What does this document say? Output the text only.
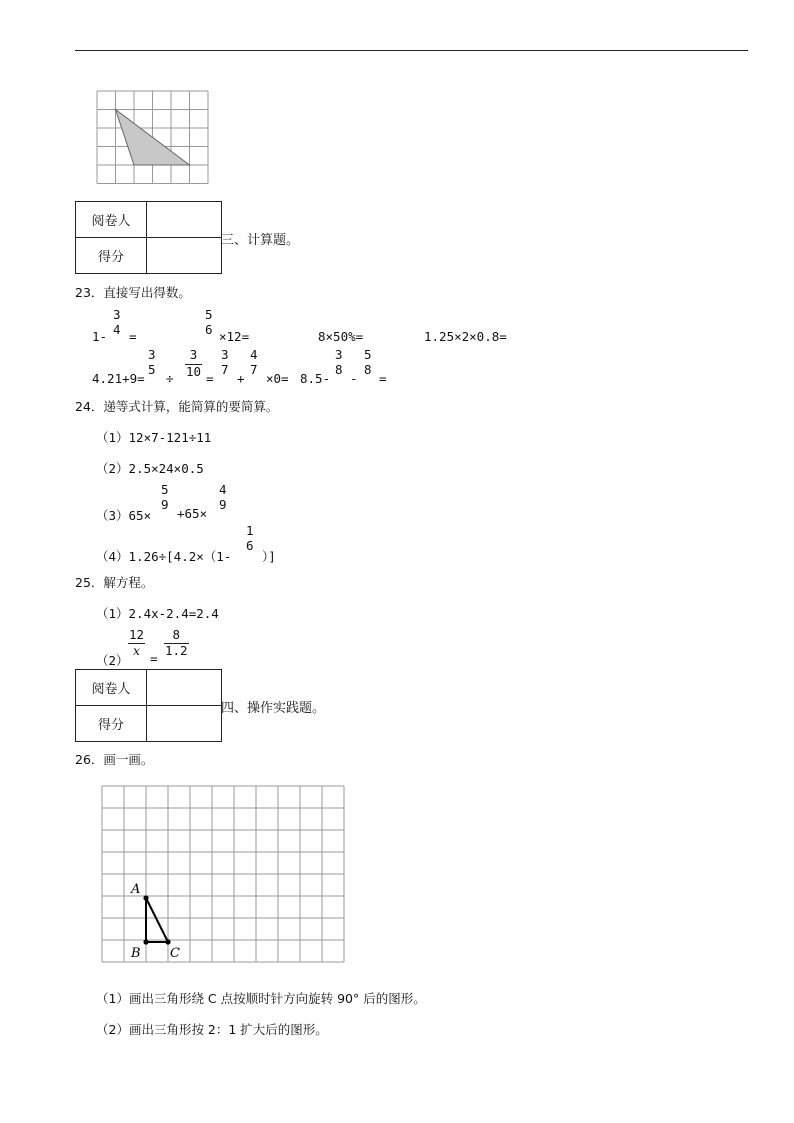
阅卷人	
得分	
三、计算题。
23．直接写出得数。
1-
3
4 =
5
6 ×12=	8×50%=	1.25×2×0.8=
4.21+9=
3
5
÷
$\frac{3}{10}$
=
3
7
+
4
7
×0= 8.5-
3
8
-
5
8
=
24．递等式计算，能简算的要简算。
（1）12×7-121÷11
（2）2.5×24×0.5
（3）65×
5
9
+65×
4
9
（4）1.26÷[4.2×（1-
1
6
）]
25．解方程。
（1）2.4x-2.4=2.4
（2）
$\frac{12}{x}$
=
$\frac{8}{1.2}$
阅卷人	
得分	
四、操作实践题。
26．画一画。
A
B C
（1）画出三角形绕 C 点按顺时针方向旋转 90° 后的图形。
（2）画出三角形按 2：1 扩大后的图形。
